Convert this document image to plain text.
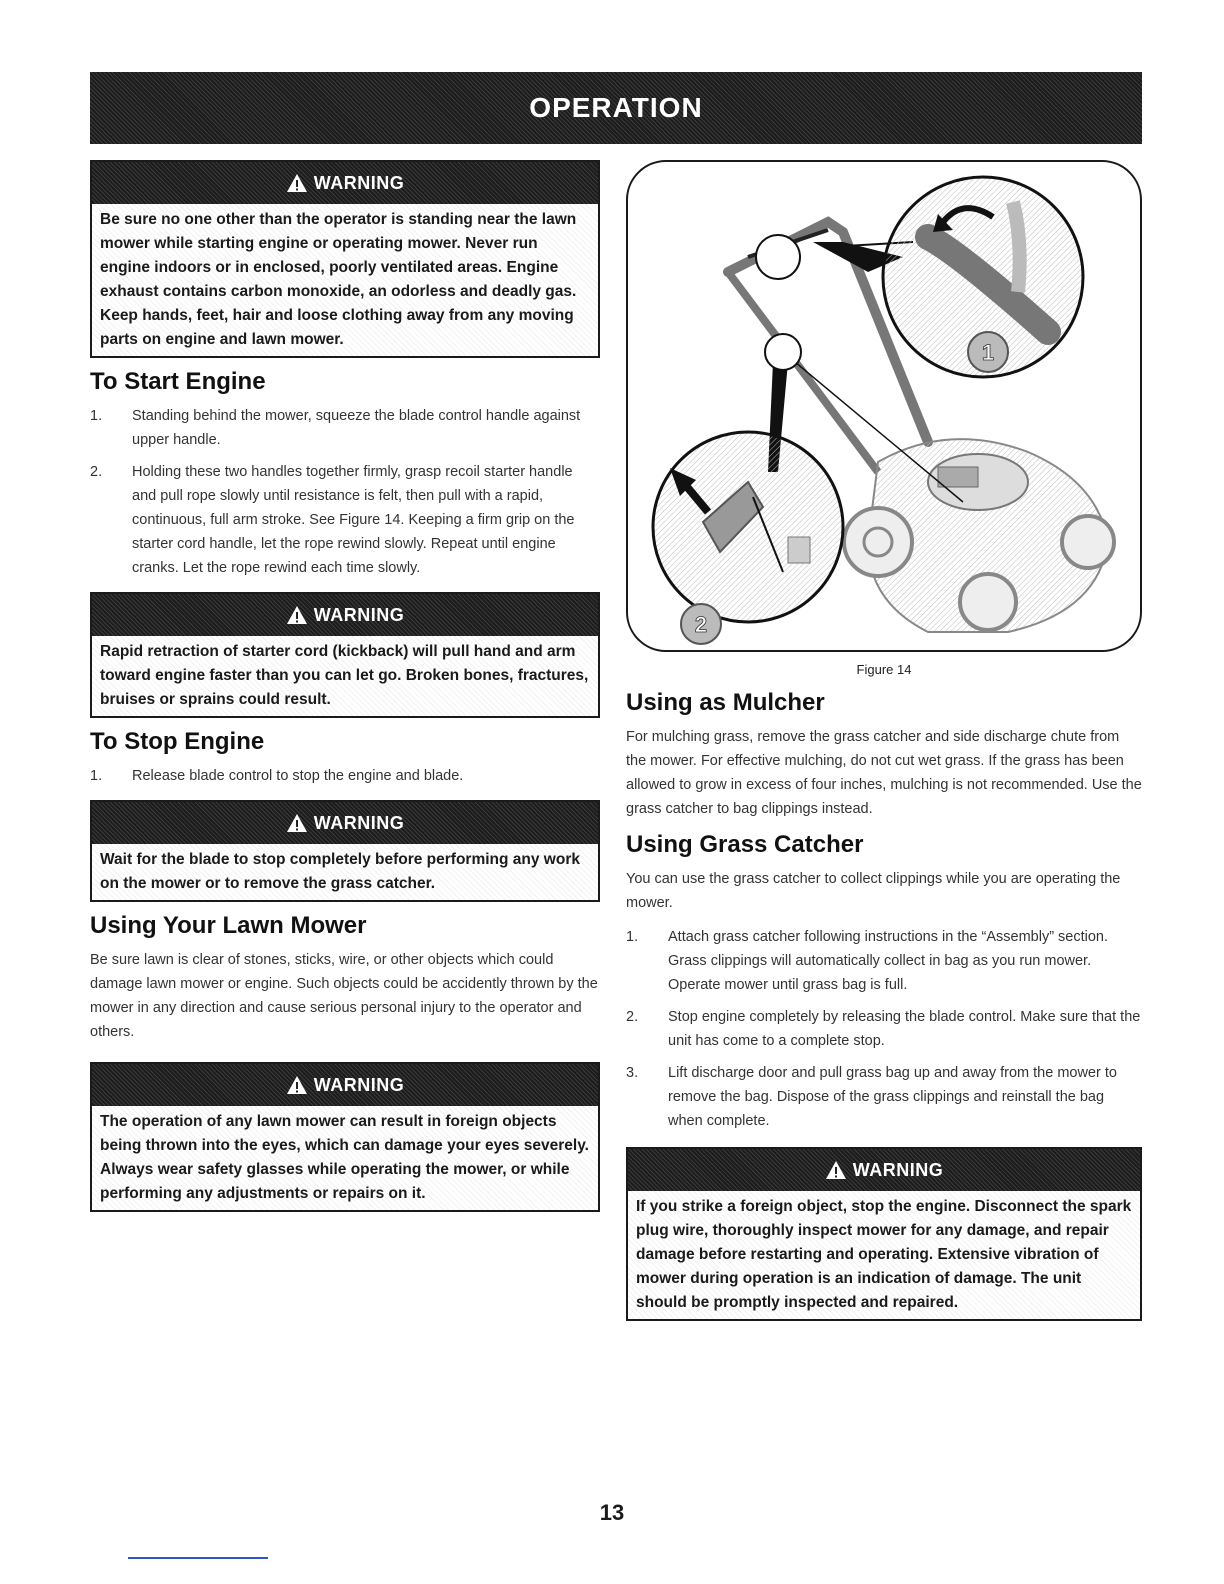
OPERATION
WARNING
Be sure no one other than the operator is standing near the lawn mower while starting engine or operating mower. Never run engine indoors or in enclosed, poorly ventilated areas. Engine exhaust contains carbon monoxide, an odorless and deadly gas. Keep hands, feet, hair and loose clothing away from any moving parts on engine and lawn mower.
To Start Engine
1.	Standing behind the mower, squeeze the blade control handle against upper handle.
2.	Holding these two handles together firmly, grasp recoil starter handle and pull rope slowly until resistance is felt, then pull with a rapid, continuous, full arm stroke. See Figure 14. Keeping a firm grip on the starter cord handle, let the rope rewind slowly. Repeat until engine cranks. Let the rope rewind each time slowly.
WARNING
Rapid retraction of starter cord (kickback) will pull hand and arm toward engine faster than you can let go. Broken bones, fractures, bruises or sprains could result.
To Stop Engine
1.	Release blade control to stop the engine and blade.
WARNING
Wait for the blade to stop completely before performing any work on the mower or to remove the grass catcher.
Using Your Lawn Mower

Be sure lawn is clear of stones, sticks, wire, or other objects which could damage lawn mower or engine. Such objects could be accidently thrown by the mower in any direction and cause serious personal injury to the operator and others.

WARNING
The operation of any lawn mower can result in foreign objects being thrown into the eyes, which can damage your eyes severely. Always wear safety glasses while operating the mower, or while performing any adjustments or repairs on it.
1
2
Figure 14
Using as Mulcher

For mulching grass, remove the grass catcher and side discharge chute from the mower. For effective mulching, do not cut wet grass. If the grass has been allowed to grow in excess of four inches, mulching is not recommended. Use the grass catcher to bag clippings instead.

Using Grass Catcher

You can use the grass catcher to collect clippings while you are operating the mower.

1.	Attach grass catcher following instructions in the “Assembly” section. Grass clippings will automatically collect in bag as you run mower. Operate mower until grass bag is full.
2.	Stop engine completely by releasing the blade control. Make sure that the unit has come to a complete stop.
3.	Lift discharge door and pull grass bag up and away from the mower to remove the bag. Dispose of the grass clippings and reinstall the bag when complete.
WARNING
If you strike a foreign object, stop the engine. Disconnect the spark plug wire, thoroughly inspect mower for any damage, and repair damage before restarting and operating. Extensive vibration of mower during operation is an indication of damage. The unit should be promptly inspected and repaired.
13
